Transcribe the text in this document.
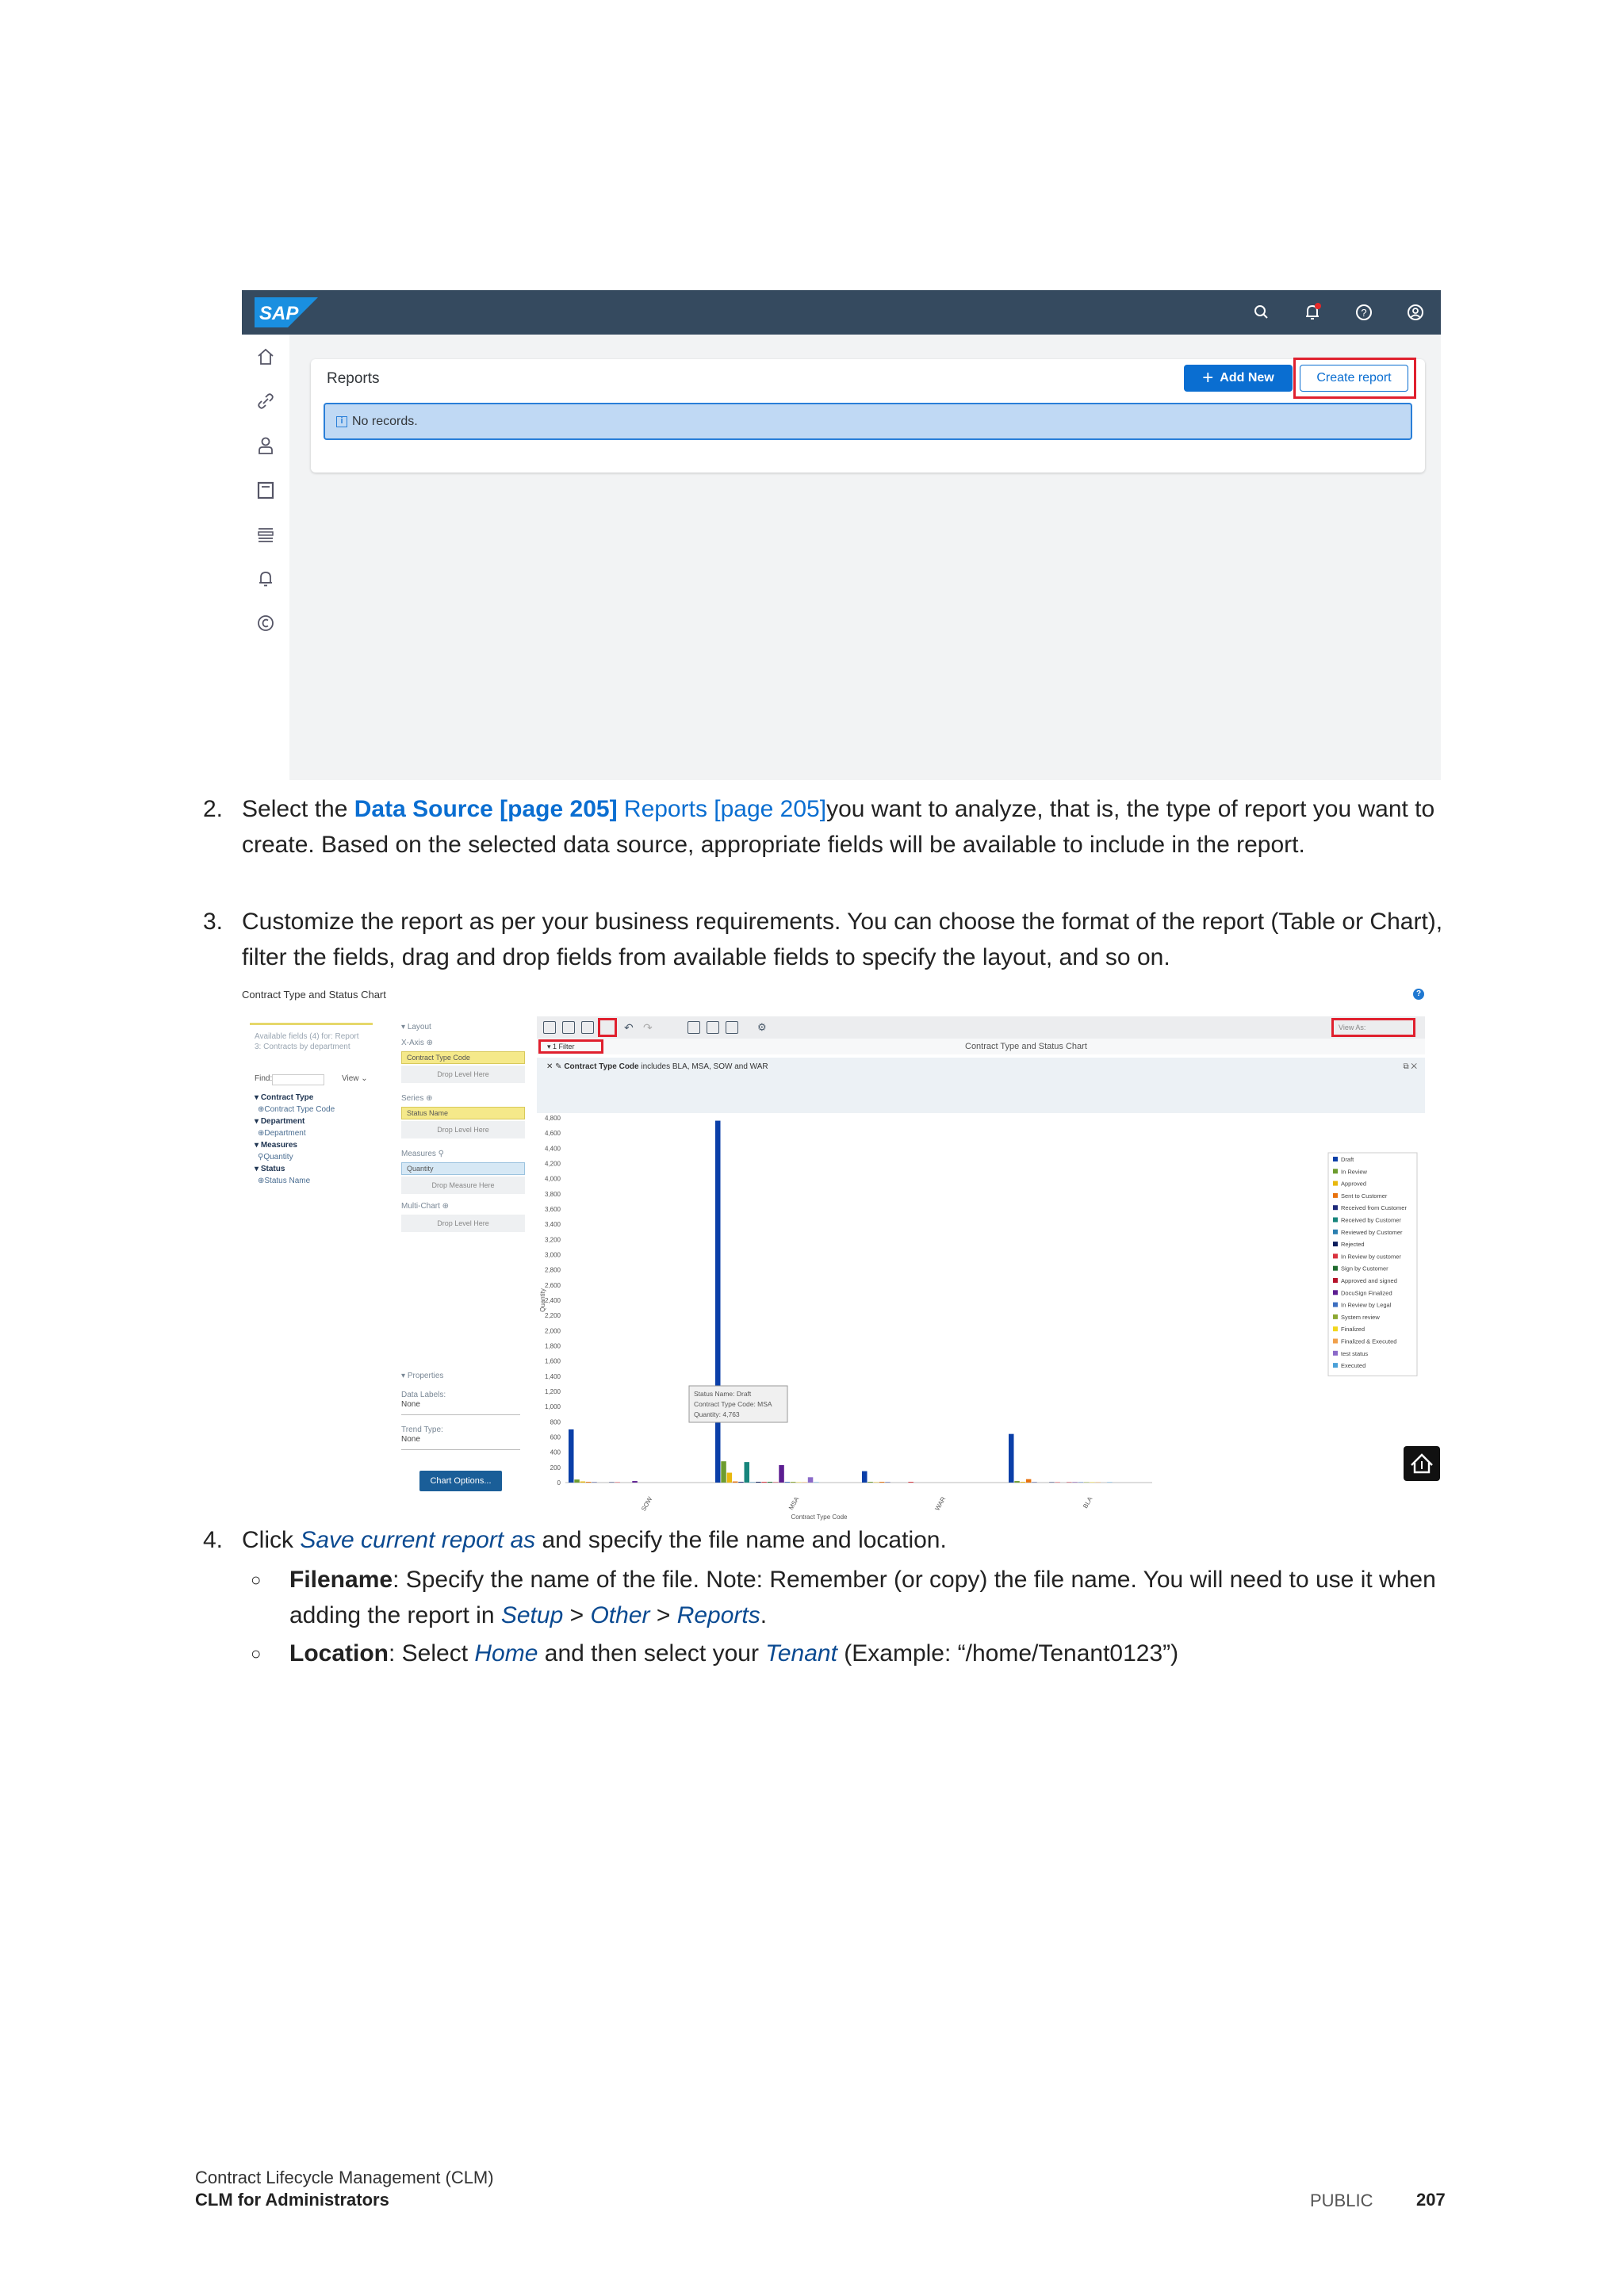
SAP	?
Reports	+ Add New	Create report
i No records.
2. Select the Data Source [page 205] Reports [page 205]you want to analyze, that is, the type of report you want to create. Based on the selected data source, appropriate fields will be available to include in the report.
3. Customize the report as per your business requirements. You can choose the format of the report (Table or Chart), filter the fields, drag and drop fields from available fields to specify the layout, and so on.
Contract Type and Status Chart	?
Available fields (4) for: Report 3: Contracts by department
Find:	View ⌄
▾ Contract Type
⊕Contract Type Code
▾ Department
⊕Department
▾ Measures
⚲Quantity
▾ Status
⊕Status Name
▾ Layout
X-Axis ⊕
Contract Type Code
Drop Level Here
Series ⊕
Status Name
Drop Level Here
Measures ⚲
Quantity
Drop Measure Here
Multi-Chart ⊕
Drop Level Here
▾ Properties
Data Labels:
None
Trend Type:
None
Chart Options...
↶ ↷	⚙	View As:
▾ 1 Filter	Contract Type and Status Chart
✕ ✎ Contract Type Code includes BLA, MSA, SOW and WAR	⧉ ✕
0
200
400
600
800
1,000
1,200
1,400
1,600
1,800
2,000
2,200
2,400
2,600
2,800
3,000
3,200
3,400
3,600
3,800
4,000
4,200
4,400
4,600
4,800
Quantity
SOW	MSA	WAR	BLA
Contract Type Code
Status Name: Draft
Contract Type Code: MSA
Quantity: 4,763
Draft
In Review
Approved
Sent to Customer
Received from Customer
Received by Customer
Reviewed by Customer
Rejected
In Review by customer
Sign by Customer
Approved and signed
DocuSign Finalized
In Review by Legal
System review
Finalized
Finalized & Executed
test status
Executed
4. Click Save current report as and specify the file name and location.
○ Filename: Specify the name of the file. Note: Remember (or copy) the file name. You will need to use it when adding the report in Setup > Other > Reports.
○ Location: Select Home and then select your Tenant (Example: “/home/Tenant0123”)
Contract Lifecycle Management (CLM)
CLM for Administrators	PUBLIC 207
